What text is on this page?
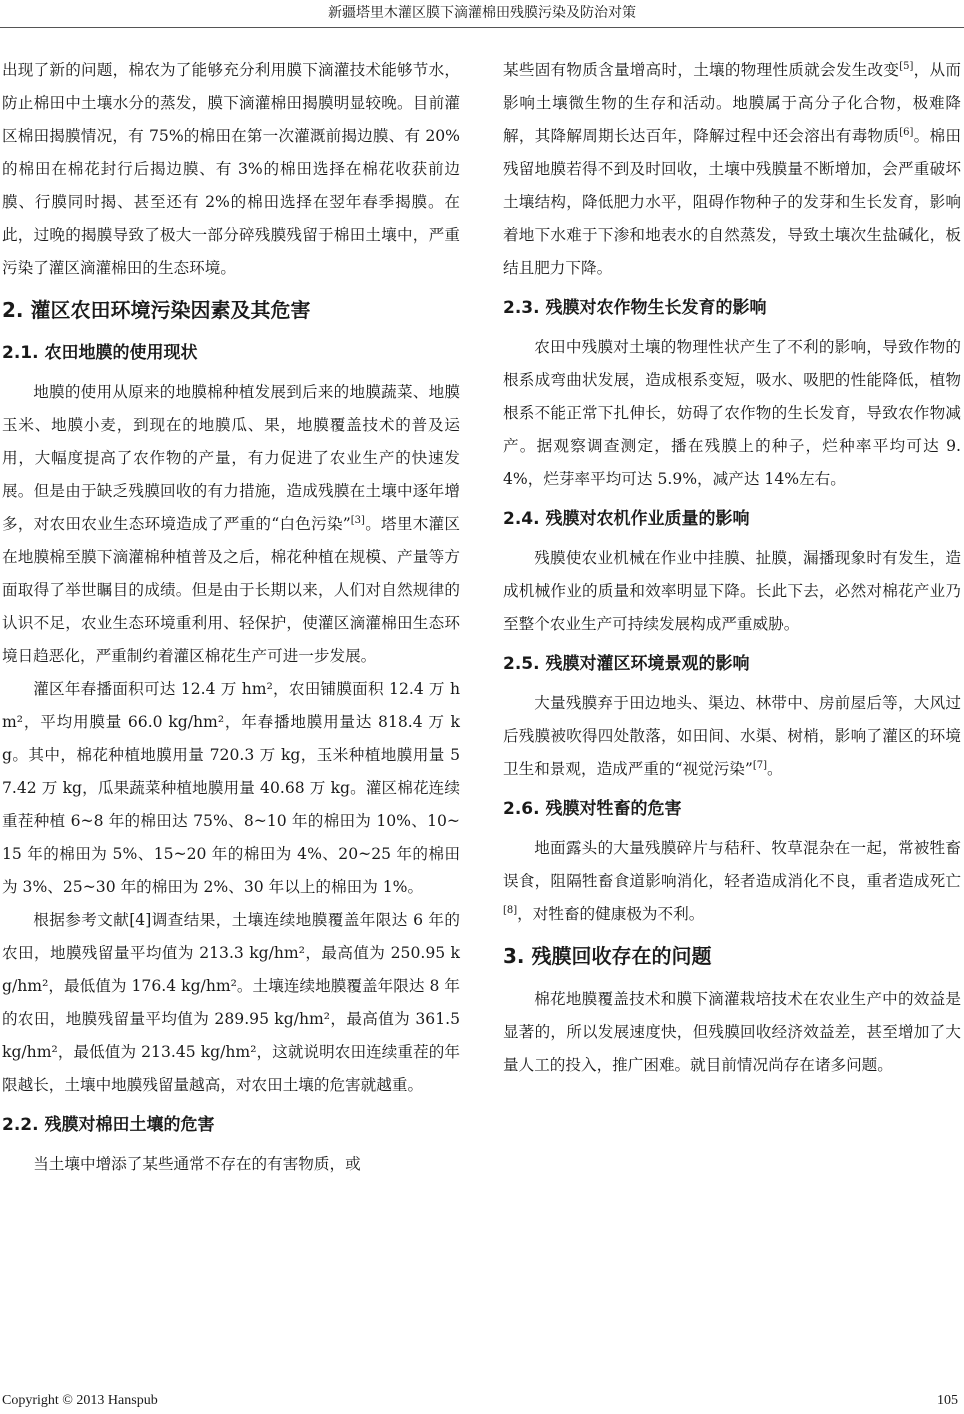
新疆塔里木灌区膜下滴灌棉田残膜污染及防治对策

出现了新的问题，棉农为了能够充分利用膜下滴灌技术能够节水，防止棉田中土壤水分的蒸发，膜下滴灌棉田揭膜明显较晚。目前灌区棉田揭膜情况，有 75%的棉田在第一次灌溉前揭边膜、有 20%的棉田在棉花封行后揭边膜、有 3%的棉田选择在棉花收获前边膜、行膜同时揭、甚至还有 2%的棉田选择在翌年春季揭膜。在此，过晚的揭膜导致了极大一部分碎残膜残留于棉田土壤中，严重污染了灌区滴灌棉田的生态环境。

2. 灌区农田环境污染因素及其危害
2.1. 农田地膜的使用现状

地膜的使用从原来的地膜棉种植发展到后来的地膜蔬菜、地膜玉米、地膜小麦，到现在的地膜瓜、果，地膜覆盖技术的普及运用，大幅度提高了农作物的产量，有力促进了农业生产的快速发展。但是由于缺乏残膜回收的有力措施，造成残膜在土壤中逐年增多，对农田农业生态环境造成了严重的“白色污染”[3]。塔里木灌区在地膜棉至膜下滴灌棉种植普及之后，棉花种植在规模、产量等方面取得了举世瞩目的成绩。但是由于长期以来，人们对自然规律的认识不足，农业生态环境重利用、轻保护，使灌区滴灌棉田生态环境日趋恶化，严重制约着灌区棉花生产可进一步发展。

灌区年春播面积可达 12.4 万 hm²，农田铺膜面积 12.4 万 hm²，平均用膜量 66.0 kg/hm²，年春播地膜用量达 818.4 万 kg。其中，棉花种植地膜用量 720.3 万 kg，玉米种植地膜用量 57.42 万 kg，瓜果蔬菜种植地膜用量 40.68 万 kg。灌区棉花连续重茬种植 6~8 年的棉田达 75%、8~10 年的棉田为 10%、10~15 年的棉田为 5%、15~20 年的棉田为 4%、20~25 年的棉田为 3%、25~30 年的棉田为 2%、30 年以上的棉田为 1%。

根据参考文献[4]调查结果，土壤连续地膜覆盖年限达 6 年的农田，地膜残留量平均值为 213.3 kg/hm²，最高值为 250.95 kg/hm²，最低值为 176.4 kg/hm²。土壤连续地膜覆盖年限达 8 年的农田，地膜残留量平均值为 289.95 kg/hm²，最高值为 361.5 kg/hm²，最低值为 213.45 kg/hm²，这就说明农田连续重茬的年限越长，土壤中地膜残留量越高，对农田土壤的危害就越重。

2.2. 残膜对棉田土壤的危害

当土壤中增添了某些通常不存在的有害物质，或

某些固有物质含量增高时，土壤的物理性质就会发生改变[5]，从而影响土壤微生物的生存和活动。地膜属于高分子化合物，极难降解，其降解周期长达百年，降解过程中还会溶出有毒物质[6]。棉田残留地膜若得不到及时回收，土壤中残膜量不断增加，会严重破坏土壤结构，降低肥力水平，阻碍作物种子的发芽和生长发育，影响着地下水难于下渗和地表水的自然蒸发，导致土壤次生盐碱化，板结且肥力下降。

2.3. 残膜对农作物生长发育的影响

农田中残膜对土壤的物理性状产生了不利的影响，导致作物的根系成弯曲状发展，造成根系变短，吸水、吸肥的性能降低，植物根系不能正常下扎伸长，妨碍了农作物的生长发育，导致农作物减产。据观察调查测定，播在残膜上的种子，烂种率平均可达 9.4%，烂芽率平均可达 5.9%，减产达 14%左右。

2.4. 残膜对农机作业质量的影响

残膜使农业机械在作业中挂膜、扯膜，漏播现象时有发生，造成机械作业的质量和效率明显下降。长此下去，必然对棉花产业乃至整个农业生产可持续发展构成严重威胁。

2.5. 残膜对灌区环境景观的影响

大量残膜弃于田边地头、渠边、林带中、房前屋后等，大风过后残膜被吹得四处散落，如田间、水渠、树梢，影响了灌区的环境卫生和景观，造成严重的“视觉污染”[7]。

2.6. 残膜对牲畜的危害

地面露头的大量残膜碎片与秸秆、牧草混杂在一起，常被牲畜误食，阻隔牲畜食道影响消化，轻者造成消化不良，重者造成死亡[8]，对牲畜的健康极为不利。

3. 残膜回收存在的问题

棉花地膜覆盖技术和膜下滴灌栽培技术在农业生产中的效益是显著的，所以发展速度快，但残膜回收经济效益差，甚至增加了大量人工的投入，推广困难。就目前情况尚存在诸多问题。

Copyright © 2013 Hanspub	105
